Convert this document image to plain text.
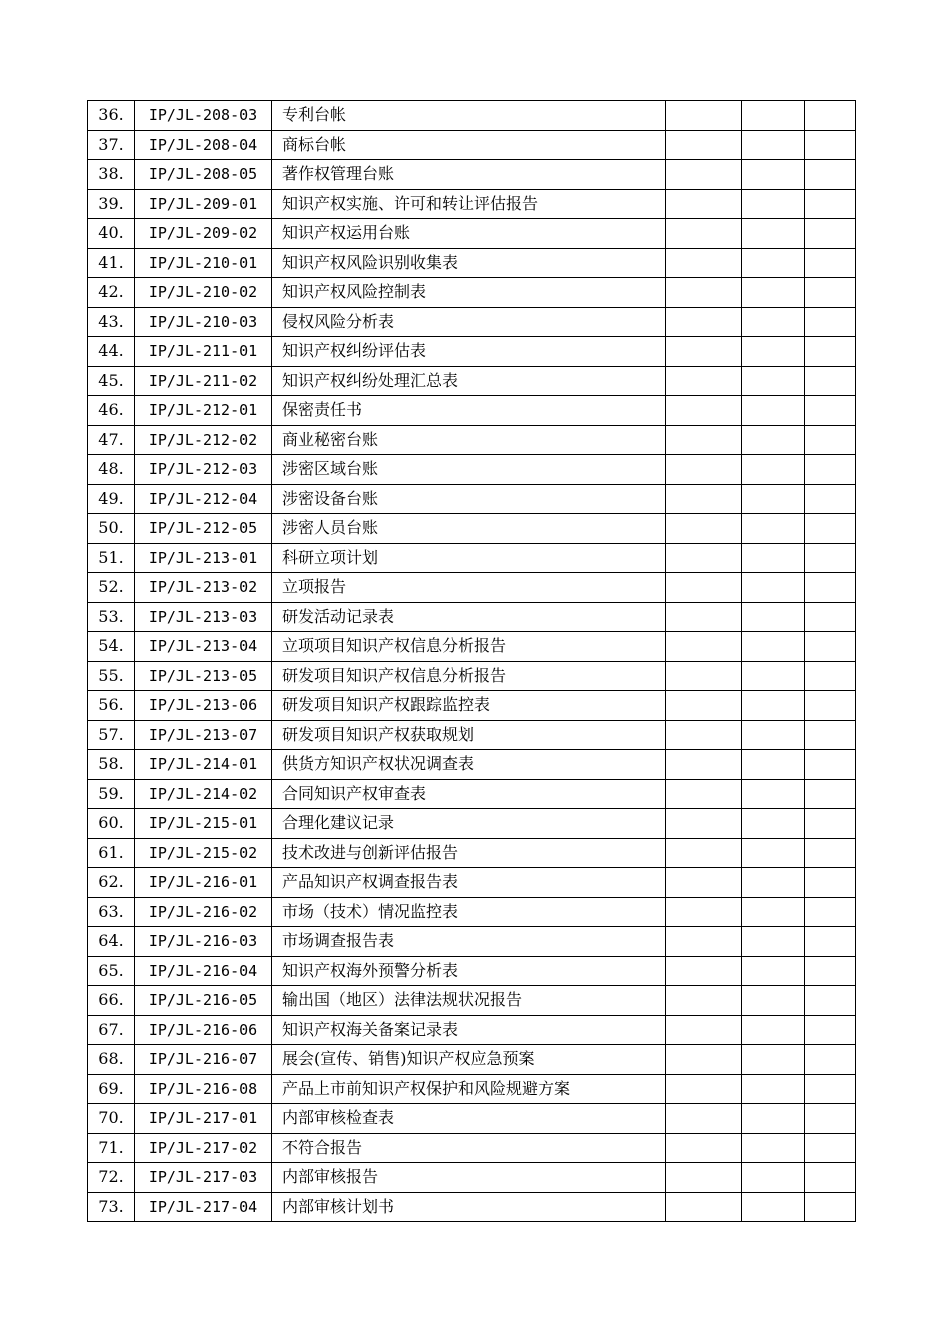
36.	IP/JL-208-03	专利台帐			
37.	IP/JL-208-04	商标台帐			
38.	IP/JL-208-05	著作权管理台账			
39.	IP/JL-209-01	知识产权实施、许可和转让评估报告			
40.	IP/JL-209-02	知识产权运用台账			
41.	IP/JL-210-01	知识产权风险识别收集表			
42.	IP/JL-210-02	知识产权风险控制表			
43.	IP/JL-210-03	侵权风险分析表			
44.	IP/JL-211-01	知识产权纠纷评估表			
45.	IP/JL-211-02	知识产权纠纷处理汇总表			
46.	IP/JL-212-01	保密责任书			
47.	IP/JL-212-02	商业秘密台账			
48.	IP/JL-212-03	涉密区域台账			
49.	IP/JL-212-04	涉密设备台账			
50.	IP/JL-212-05	涉密人员台账			
51.	IP/JL-213-01	科研立项计划			
52.	IP/JL-213-02	立项报告			
53.	IP/JL-213-03	研发活动记录表			
54.	IP/JL-213-04	立项项目知识产权信息分析报告			
55.	IP/JL-213-05	研发项目知识产权信息分析报告			
56.	IP/JL-213-06	研发项目知识产权跟踪监控表			
57.	IP/JL-213-07	研发项目知识产权获取规划			
58.	IP/JL-214-01	供货方知识产权状况调查表			
59.	IP/JL-214-02	合同知识产权审查表			
60.	IP/JL-215-01	合理化建议记录			
61.	IP/JL-215-02	技术改进与创新评估报告			
62.	IP/JL-216-01	产品知识产权调查报告表			
63.	IP/JL-216-02	市场（技术）情况监控表			
64.	IP/JL-216-03	市场调查报告表			
65.	IP/JL-216-04	知识产权海外预警分析表			
66.	IP/JL-216-05	输出国（地区）法律法规状况报告			
67.	IP/JL-216-06	知识产权海关备案记录表			
68.	IP/JL-216-07	展会(宣传、销售)知识产权应急预案			
69.	IP/JL-216-08	产品上市前知识产权保护和风险规避方案			
70.	IP/JL-217-01	内部审核检查表			
71.	IP/JL-217-02	不符合报告			
72.	IP/JL-217-03	内部审核报告			
73.	IP/JL-217-04	内部审核计划书			
